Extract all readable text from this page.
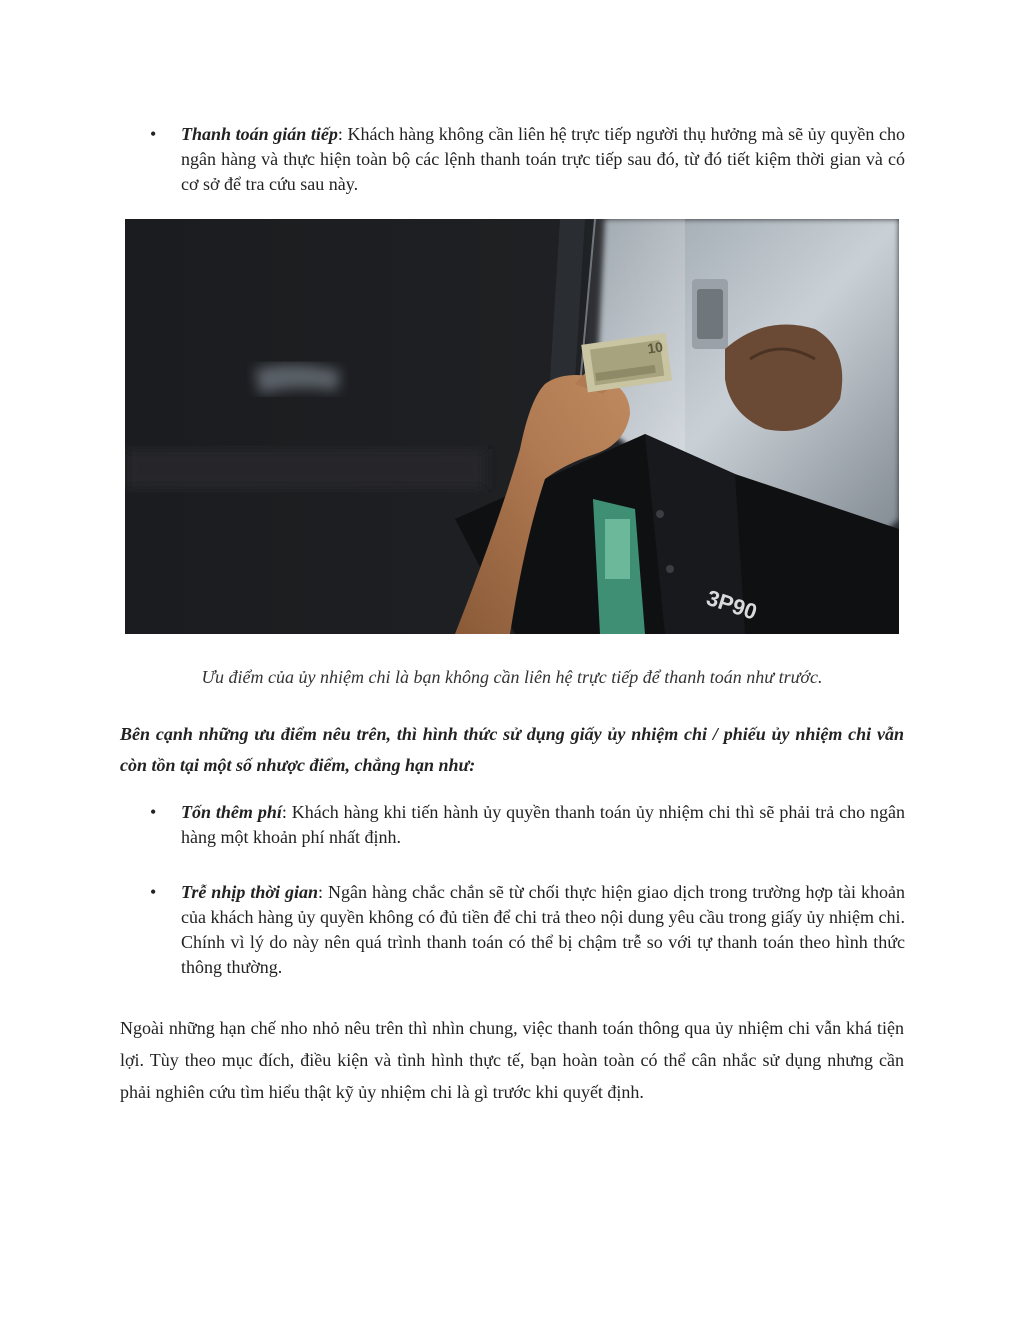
• Thanh toán gián tiếp: Khách hàng không cần liên hệ trực tiếp người thụ hưởng mà sẽ ủy quyền cho ngân hàng và thực hiện toàn bộ các lệnh thanh toán trực tiếp sau đó, từ đó tiết kiệm thời gian và có cơ sở để tra cứu sau này.
3P90
10
Ưu điểm của ủy nhiệm chi là bạn không cần liên hệ trực tiếp để thanh toán như trước.
Bên cạnh những ưu điểm nêu trên, thì hình thức sử dụng giấy ủy nhiệm chi / phiếu ủy nhiệm chi vẫn còn tồn tại một số nhược điểm, chẳng hạn như:
• Tốn thêm phí: Khách hàng khi tiến hành ủy quyền thanh toán ủy nhiệm chi thì sẽ phải trả cho ngân hàng một khoản phí nhất định.
• Trễ nhịp thời gian: Ngân hàng chắc chắn sẽ từ chối thực hiện giao dịch trong trường hợp tài khoản của khách hàng ủy quyền không có đủ tiền để chi trả theo nội dung yêu cầu trong giấy ủy nhiệm chi. Chính vì lý do này nên quá trình thanh toán có thể bị chậm trễ so với tự thanh toán theo hình thức thông thường.
Ngoài những hạn chế nho nhỏ nêu trên thì nhìn chung, việc thanh toán thông qua ủy nhiệm chi vẫn khá tiện lợi. Tùy theo mục đích, điều kiện và tình hình thực tế, bạn hoàn toàn có thể cân nhắc sử dụng nhưng cần phải nghiên cứu tìm hiểu thật kỹ ủy nhiệm chi là gì trước khi quyết định.
